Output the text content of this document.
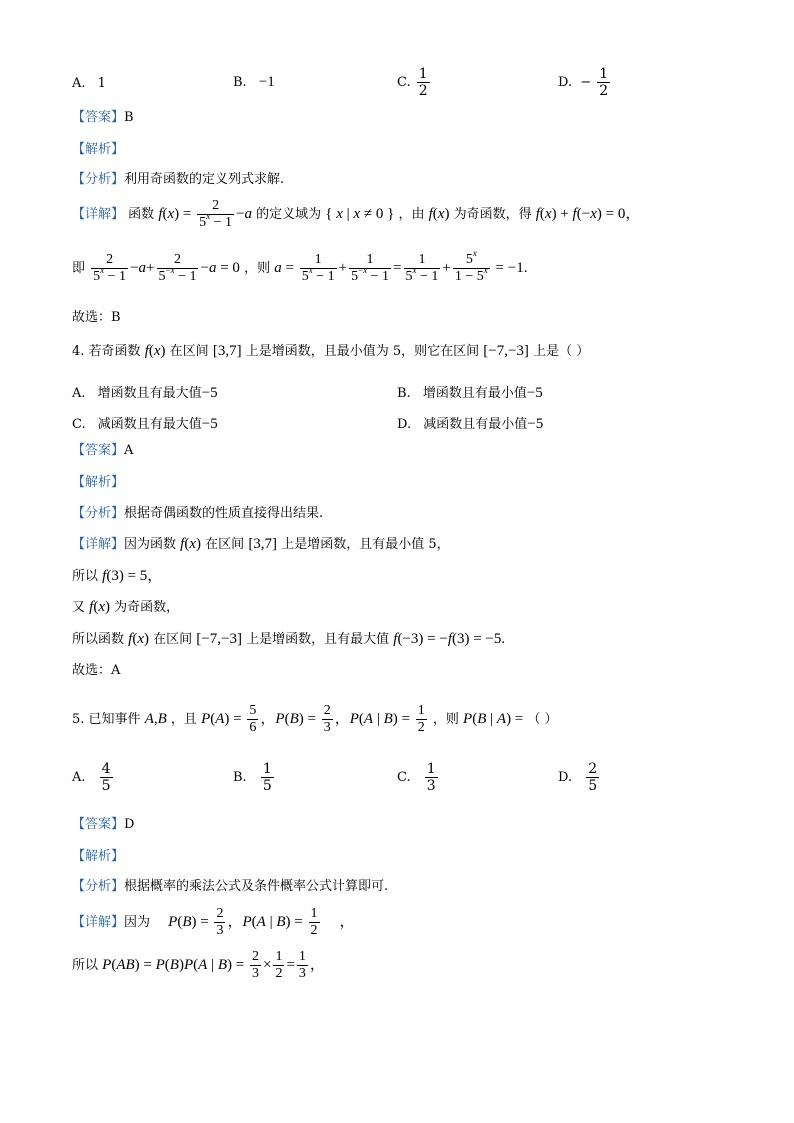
A. 1	B. −1	C. $\frac{1}{2}$	D. − $\frac{1}{2}$
【答案】B
【解析】
【分析】利用奇函数的定义列式求解.
【详解】 函数 $f(x) = \frac{2}{5^x - 1} -a$ 的定义域为 { x | x ≠ 0 } ，由 f(x) 为奇函数，得 f(x) + f(−x) = 0，
即 $\frac{2}{5^x - 1} -a+ \frac{2}{5^{-x} - 1} -a = 0$ ，则 $a = \frac{1}{5^x - 1} + \frac{1}{5^{-x} - 1} = \frac{1}{5^x - 1} + \frac{5^x}{1 - 5^x} = -1$.
故选：B
4. 若奇函数 f(x) 在区间 [3,7] 上是增函数，且最小值为 5，则它在区间 [−7,−3] 上是（ ）
A. 增函数且有最大值−5	B. 增函数且有最小值−5
C. 减函数且有最大值−5	D. 减函数且有最小值−5
【答案】A
【解析】
【分析】根据奇偶函数的性质直接得出结果.
【详解】因为函数 f(x) 在区间 [3,7] 上是增函数，且有最小值 5，
所以 f(3) = 5，
又 f(x) 为奇函数，
所以函数 f(x) 在区间 [−7,−3] 上是增函数，且有最大值 f(−3) = −f(3) = −5.
故选：A
5. 已知事件 A,B ，且 $P(A) = \frac{5}{6}$ ，$P(B) = \frac{2}{3}$ ，P(A | $B) = \frac{1}{2}$ ，则 P(B | A) = （ ）
A. $\frac{4}{5}$	B. $\frac{1}{5}$	C. $\frac{1}{3}$	D. $\frac{2}{5}$
【答案】D
【解析】
【分析】根据概率的乘法公式及条件概率公式计算即可.
【详解】因为 $P(B) = \frac{2}{3}$ ，P(A | $B) = \frac{1}{2}$ ，
所以 P(AB) = P(B)P(A | $B) = \frac{2}{3} \times \frac{1}{2} = \frac{1}{3}$ ，
